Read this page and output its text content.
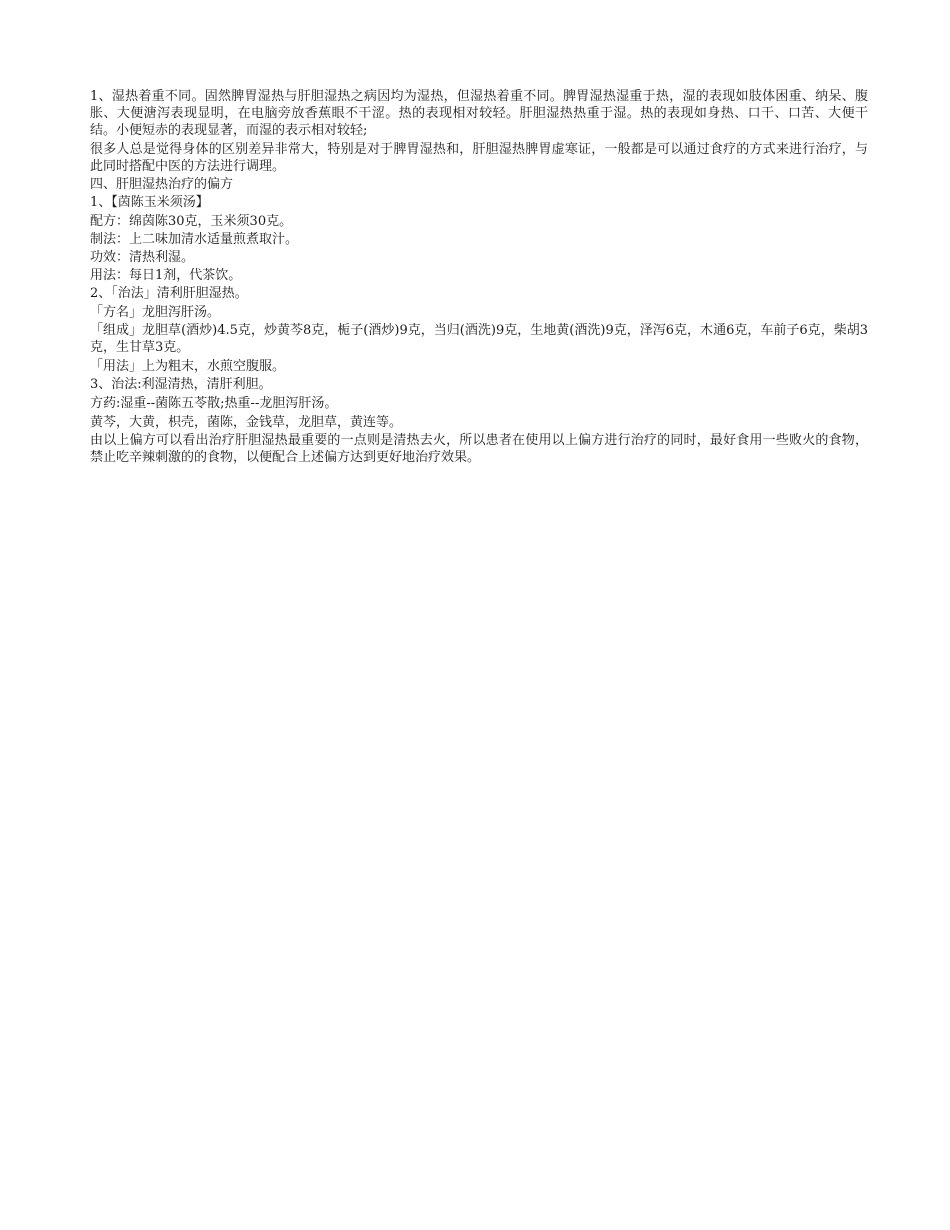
1、湿热着重不同。固然脾胃湿热与肝胆湿热之病因均为湿热，但湿热着重不同。脾胃湿热湿重于热，湿的表现如肢体困重、纳呆、腹胀、大便溏泻表现显明，在电脑旁放香蕉眼不干涩。热的表现相对较轻。肝胆湿热热重于湿。热的表现如身热、口干、口苦、大便干结。小便短赤的表现显著，而湿的表示相对较轻;

很多人总是觉得身体的区别差异非常大，特别是对于脾胃湿热和，肝胆湿热脾胃虚寒证，一般都是可以通过食疗的方式来进行治疗，与此同时搭配中医的方法进行调理。

四、肝胆湿热治疗的偏方

1、【茵陈玉米须汤】

配方：绵茵陈30克，玉米须30克。

制法：上二味加清水适量煎煮取汁。

功效：清热利湿。

用法：每日1剂，代茶饮。

2、「治法」清利肝胆湿热。

「方名」龙胆泻肝汤。

「组成」龙胆草(酒炒)4.5克，炒黄芩8克，栀子(酒炒)9克，当归(酒洗)9克，生地黄(酒洗)9克，泽泻6克，木通6克，车前子6克，柴胡3克，生甘草3克。

「用法」上为粗末，水煎空腹服。

3、治法:利湿清热，清肝利胆。

方药:湿重--菌陈五苓散;热重--龙胆泻肝汤。

黄芩，大黄，枳壳，菌陈，金钱草，龙胆草，黄连等。

由以上偏方可以看出治疗肝胆湿热最重要的一点则是清热去火，所以患者在使用以上偏方进行治疗的同时，最好食用一些败火的食物，禁止吃辛辣刺激的的食物，以便配合上述偏方达到更好地治疗效果。
